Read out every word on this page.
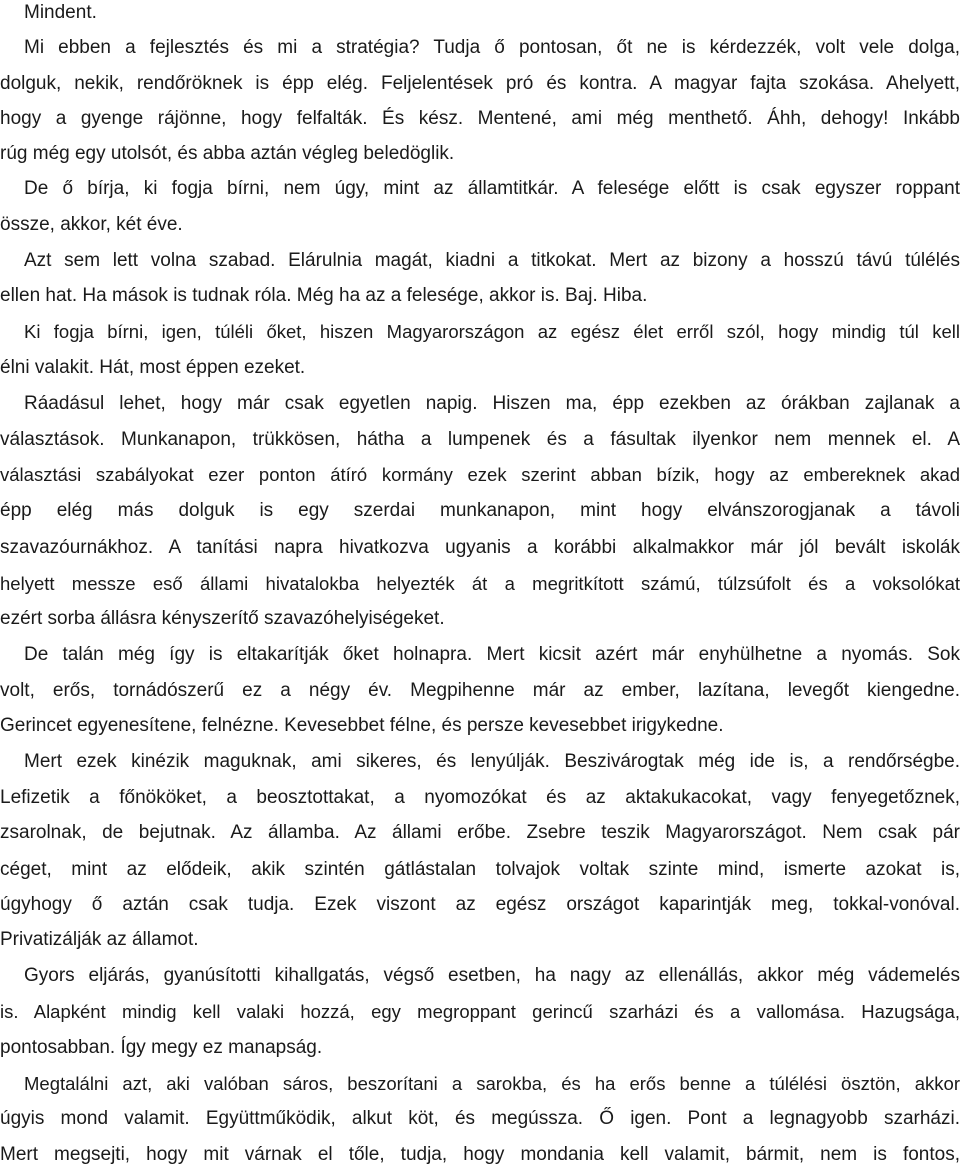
Mindent.
Mi ebben a fejlesztés és mi a stratégia? Tudja ő pontosan, őt ne is kérdezzék, volt vele dolga,
dolguk, nekik, rendőröknek is épp elég. Feljelentések pró és kontra. A magyar fajta szokása. Ahelyett,
hogy a gyenge rájönne, hogy felfalták. És kész. Mentené, ami még menthető. Áhh, dehogy! Inkább
rúg még egy utolsót, és abba aztán végleg beledöglik.
De ő bírja, ki fogja bírni, nem úgy, mint az államtitkár. A felesége előtt is csak egyszer roppant
össze, akkor, két éve.
Azt sem lett volna szabad. Elárulnia magát, kiadni a titkokat. Mert az bizony a hosszú távú túlélés
ellen hat. Ha mások is tudnak róla. Még ha az a felesége, akkor is. Baj. Hiba.
Ki fogja bírni, igen, túléli őket, hiszen Magyarországon az egész élet erről szól, hogy mindig túl kell
élni valakit. Hát, most éppen ezeket.
Ráadásul lehet, hogy már csak egyetlen napig. Hiszen ma, épp ezekben az órákban zajlanak a
választások. Munkanapon, trükkösen, hátha a lumpenek és a fásultak ilyenkor nem mennek el. A
választási szabályokat ezer ponton átíró kormány ezek szerint abban bízik, hogy az embereknek akad
épp elég más dolguk is egy szerdai munkanapon, mint hogy elvánszorogjanak a távoli
szavazóurnákhoz. A tanítási napra hivatkozva ugyanis a korábbi alkalmakkor már jól bevált iskolák
helyett messze eső állami hivatalokba helyezték át a megritkított számú, túlzsúfolt és a voksolókat
ezért sorba állásra kényszerítő szavazóhelyiségeket.
De talán még így is eltakarítják őket holnapra. Mert kicsit azért már enyhülhetne a nyomás. Sok
volt, erős, tornádószerű ez a négy év. Megpihenne már az ember, lazítana, levegőt kiengedne.
Gerincet egyenesítene, felnézne. Kevesebbet félne, és persze kevesebbet irigykedne.
Mert ezek kinézik maguknak, ami sikeres, és lenyúlják. Beszivárogtak még ide is, a rendőrségbe.
Lefizetik a főnököket, a beosztottakat, a nyomozókat és az aktakukacokat, vagy fenyegetőznek,
zsarolnak, de bejutnak. Az államba. Az állami erőbe. Zsebre teszik Magyarországot. Nem csak pár
céget, mint az elődeik, akik szintén gátlástalan tolvajok voltak szinte mind, ismerte azokat is,
úgyhogy ő aztán csak tudja. Ezek viszont az egész országot kaparintják meg, tokkal-vonóval.
Privatizálják az államot.
Gyors eljárás, gyanúsítotti kihallgatás, végső esetben, ha nagy az ellenállás, akkor még vádemelés
is. Alapként mindig kell valaki hozzá, egy megroppant gerincű szarházi és a vallomása. Hazugsága,
pontosabban. Így megy ez manapság.
Megtalálni azt, aki valóban sáros, beszorítani a sarokba, és ha erős benne a túlélési ösztön, akkor
úgyis mond valamit. Együttműködik, alkut köt, és megússza. Ő igen. Pont a legnagyobb szarházi.
Mert megsejti, hogy mit várnak el tőle, tudja, hogy mondania kell valamit, bármit, nem is fontos,
